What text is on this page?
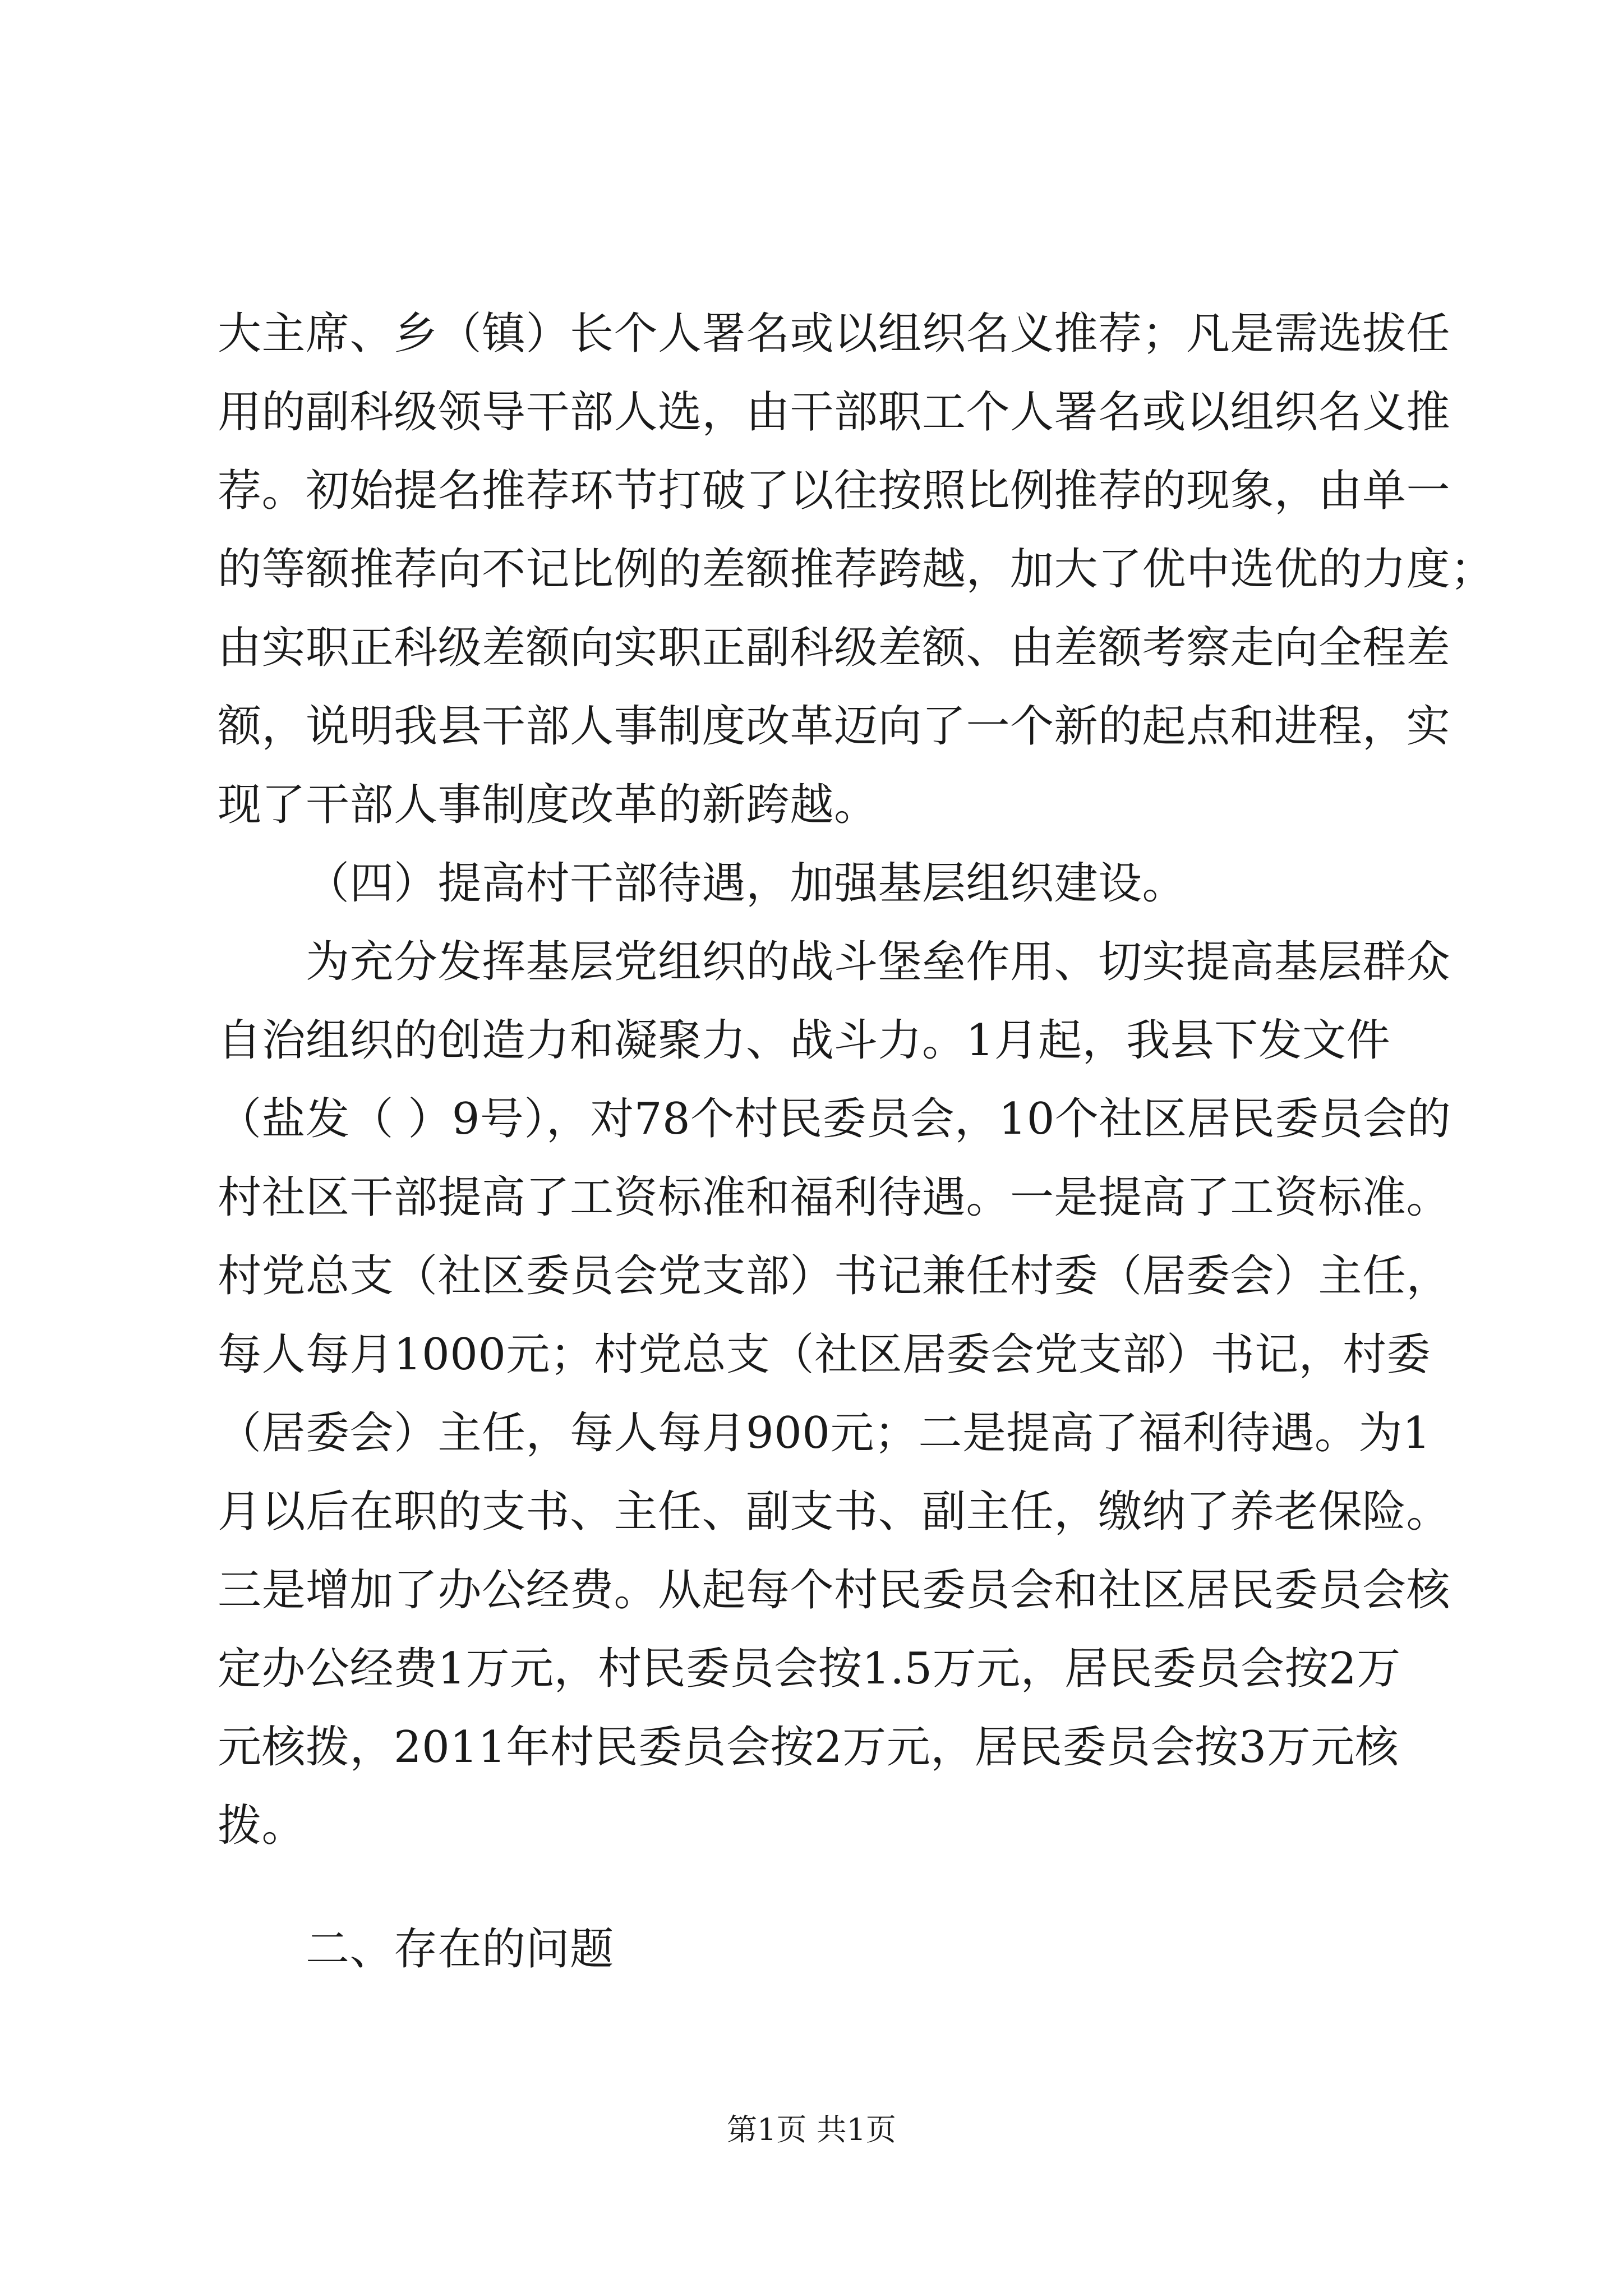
大主席、乡（镇）长个人署名或以组织名义推荐；凡是需选拔任
用的副科级领导干部人选，由干部职工个人署名或以组织名义推
荐。初始提名推荐环节打破了以往按照比例推荐的现象，由单一
的等额推荐向不记比例的差额推荐跨越，加大了优中选优的力度；
由实职正科级差额向实职正副科级差额、由差额考察走向全程差
额，说明我县干部人事制度改革迈向了一个新的起点和进程，实
现了干部人事制度改革的新跨越。
（四）提高村干部待遇，加强基层组织建设。
为充分发挥基层党组织的战斗堡垒作用、切实提高基层群众
自治组织的创造力和凝聚力、战斗力。1月起，我县下发文件
（盐发（ ）9号），对78个村民委员会，10个社区居民委员会的
村社区干部提高了工资标准和福利待遇。一是提高了工资标准。
村党总支（社区委员会党支部）书记兼任村委（居委会）主任，
每人每月1000元；村党总支（社区居委会党支部）书记，村委
（居委会）主任，每人每月900元；二是提高了福利待遇。为1
月以后在职的支书、主任、副支书、副主任，缴纳了养老保险。
三是增加了办公经费。从起每个村民委员会和社区居民委员会核
定办公经费1万元，村民委员会按1.5万元，居民委员会按2万
元核拨，2011年村民委员会按2万元，居民委员会按3万元核
拨。
二、存在的问题
第1页 共1页
